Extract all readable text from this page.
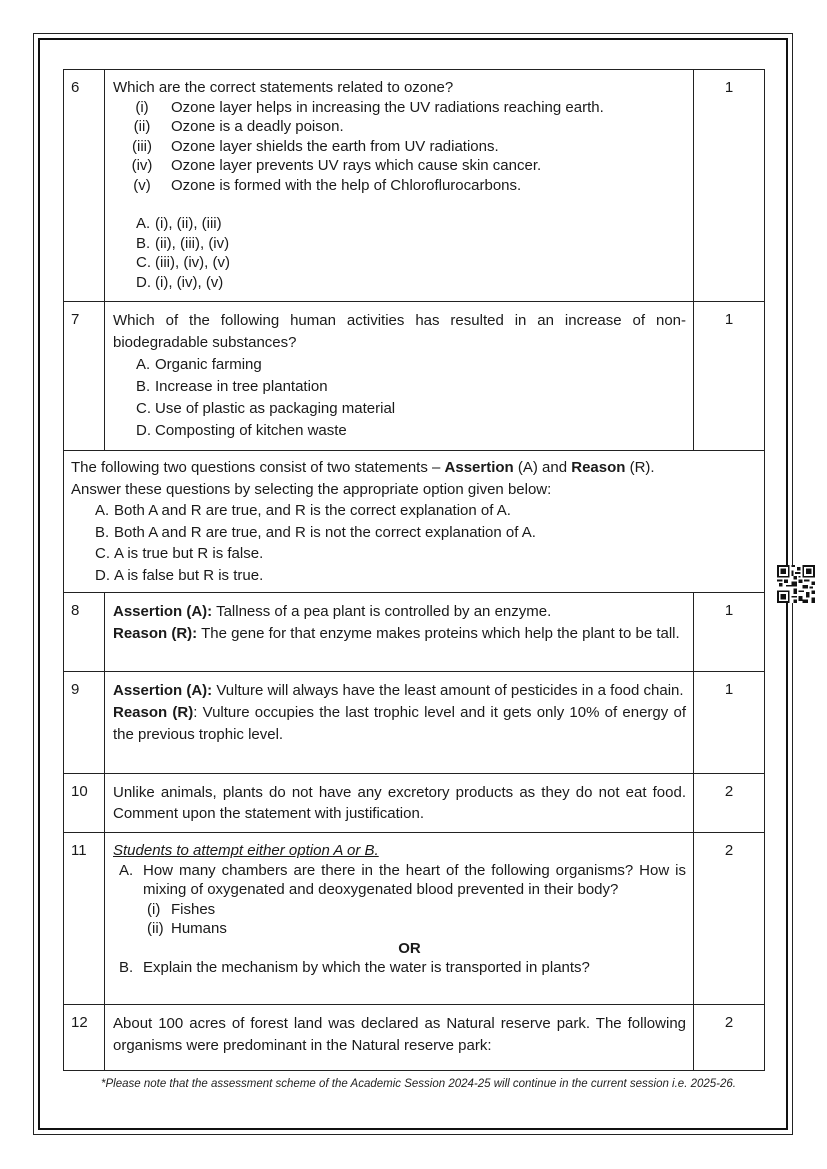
6	Which are the correct statements related to ozone?
(i)	Ozone layer helps in increasing the UV radiations reaching earth.
(ii)	Ozone is a deadly poison.
(iii)	Ozone layer shields the earth from UV radiations.
(iv)	Ozone layer prevents UV rays which cause skin cancer.
(v)	Ozone is formed with the help of Chloroflurocarbons.
A. (i), (ii), (iii)
B. (ii), (iii), (iv)
C. (iii), (iv), (v)
D. (i), (iv), (v)
	1
7	Which of the following human activities has resulted in an increase of non-biodegradable substances?
A. Organic farming
B. Increase in tree plantation
C. Use of plastic as packaging material
D. Composting of kitchen waste
	1

The following two questions consist of two statements – Assertion (A) and Reason (R).
Answer these questions by selecting the appropriate option given below:
A. Both A and R are true, and R is the correct explanation of A.
B. Both A and R are true, and R is not the correct explanation of A.
C. A is true but R is false.
D. A is false but R is true.

8	Assertion (A): Tallness of a pea plant is controlled by an enzyme.
Reason (R): The gene for that enzyme makes proteins which help the plant to be tall.	1
9	Assertion (A): Vulture will always have the least amount of pesticides in a food chain.
Reason (R): Vulture occupies the last trophic level and it gets only 10% of energy of the previous trophic level.	1
10	Unlike animals, plants do not have any excretory products as they do not eat food. Comment upon the statement with justification.	2
11	Students to attempt either option A or B.
A. How many chambers are there in the heart of the following organisms? How is mixing of oxygenated and deoxygenated blood prevented in their body?
(i) Fishes
(ii) Humans
OR
B. Explain the mechanism by which the water is transported in plants?
	2
12	About 100 acres of forest land was declared as Natural reserve park. The following organisms were predominant in the Natural reserve park:	2
*Please note that the assessment scheme of the Academic Session 2024-25 will continue in the current session i.e. 2025-26.
